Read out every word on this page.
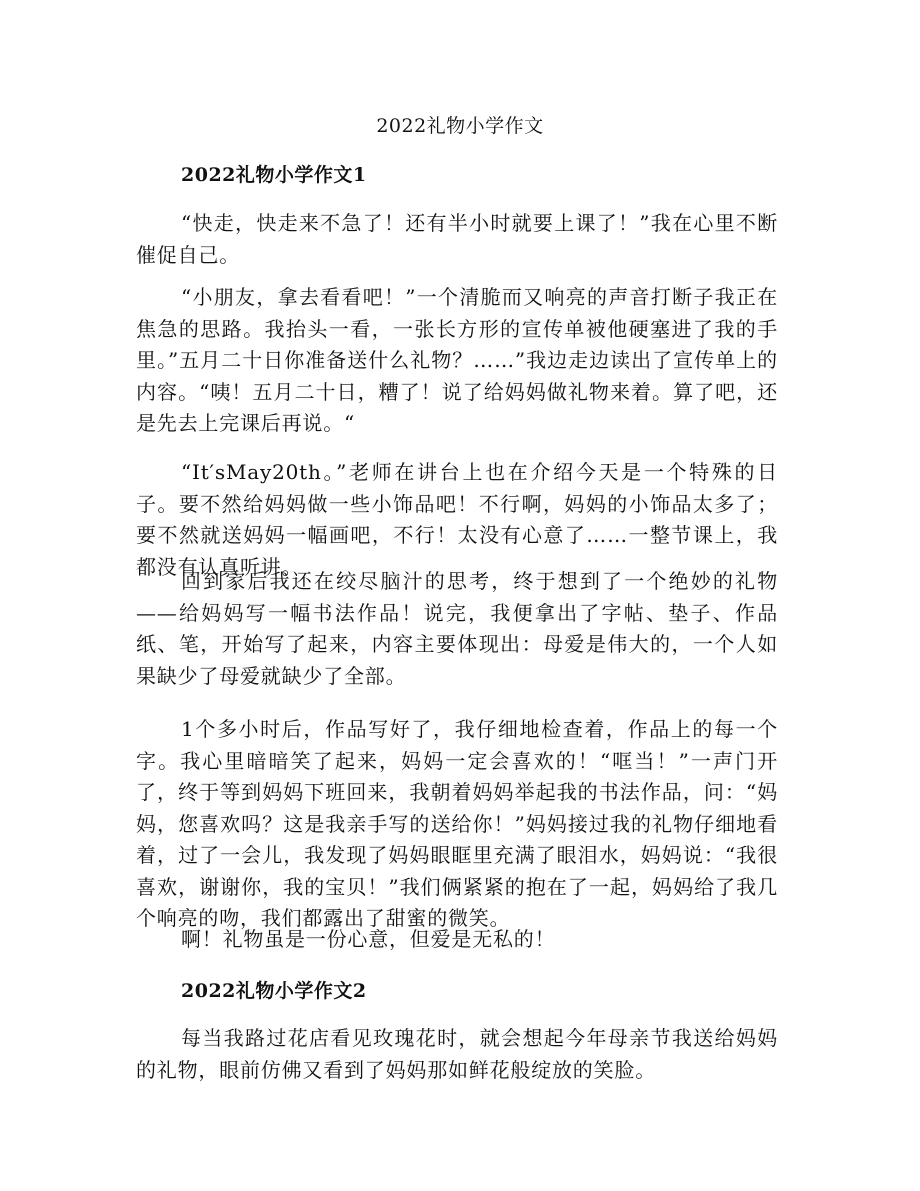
2022礼物小学作文
2022礼物小学作文1
“快走，快走来不急了！还有半小时就要上课了！”我在心里不断催促自己。
“小朋友，拿去看看吧！”一个清脆而又响亮的声音打断子我正在焦急的思路。我抬头一看，一张长方形的宣传单被他硬塞进了我的手里。”五月二十日你准备送什么礼物？……”我边走边读出了宣传单上的内容。“咦！五月二十日，糟了！说了给妈妈做礼物来着。算了吧，还是先去上完课后再说。“
“It′sMay20th。”老师在讲台上也在介绍今天是一个特殊的日子。要不然给妈妈做一些小饰品吧！不行啊，妈妈的小饰品太多了；要不然就送妈妈一幅画吧，不行！太没有心意了……一整节课上，我都没有认真听讲。
回到家后我还在绞尽脑汁的思考，终于想到了一个绝妙的礼物——给妈妈写一幅书法作品！说完，我便拿出了字帖、垫子、作品纸、笔，开始写了起来，内容主要体现出：母爱是伟大的，一个人如果缺少了母爱就缺少了全部。
1个多小时后，作品写好了，我仔细地检查着，作品上的每一个字。我心里暗暗笑了起来，妈妈一定会喜欢的！“哐当！”一声门开了，终于等到妈妈下班回来，我朝着妈妈举起我的书法作品，问：“妈妈，您喜欢吗？这是我亲手写的送给你！”妈妈接过我的礼物仔细地看着，过了一会儿，我发现了妈妈眼眶里充满了眼泪水，妈妈说：“我很喜欢，谢谢你，我的宝贝！”我们俩紧紧的抱在了一起，妈妈给了我几个响亮的吻，我们都露出了甜蜜的微笑。
啊！礼物虽是一份心意，但爱是无私的！
2022礼物小学作文2
每当我路过花店看见玫瑰花时，就会想起今年母亲节我送给妈妈的礼物，眼前仿佛又看到了妈妈那如鲜花般绽放的笑脸。
